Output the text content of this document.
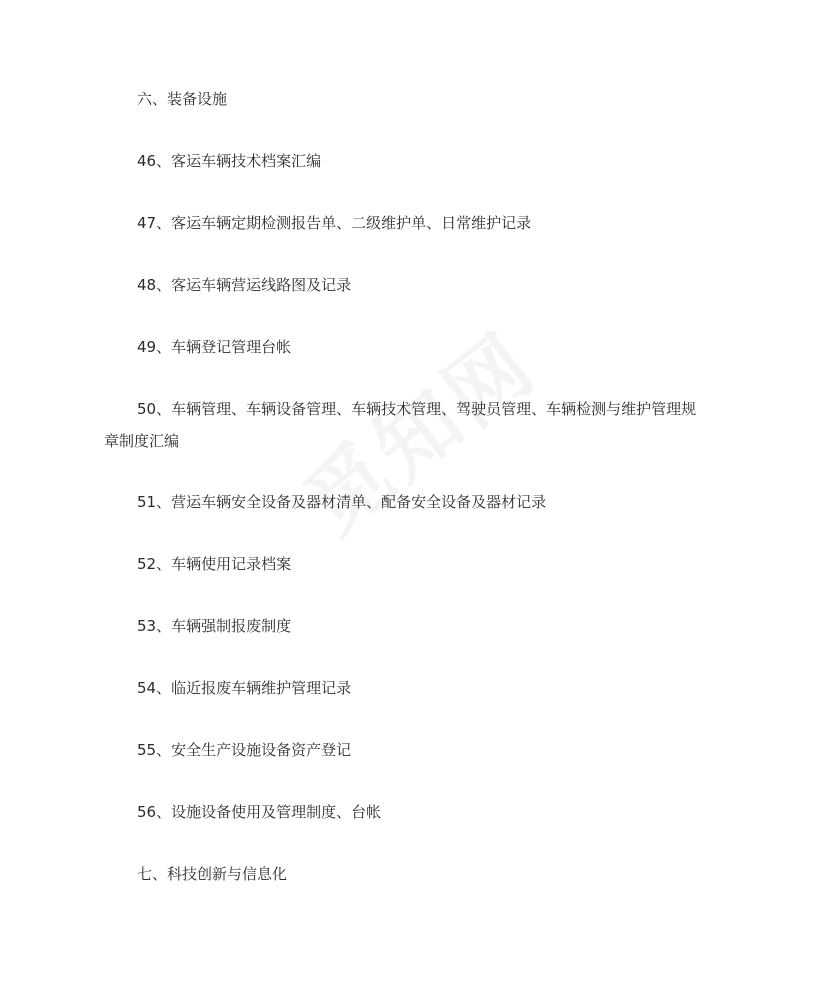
六、装备设施
46、客运车辆技术档案汇编
47、客运车辆定期检测报告单、二级维护单、日常维护记录
48、客运车辆营运线路图及记录
49、车辆登记管理台帐
50、车辆管理、车辆设备管理、车辆技术管理、驾驶员管理、车辆检测与维护管理规
章制度汇编
51、营运车辆安全设备及器材清单、配备安全设备及器材记录
52、车辆使用记录档案
53、车辆强制报废制度
54、临近报废车辆维护管理记录
55、安全生产设施设备资产登记
56、设施设备使用及管理制度、台帐
七、科技创新与信息化
